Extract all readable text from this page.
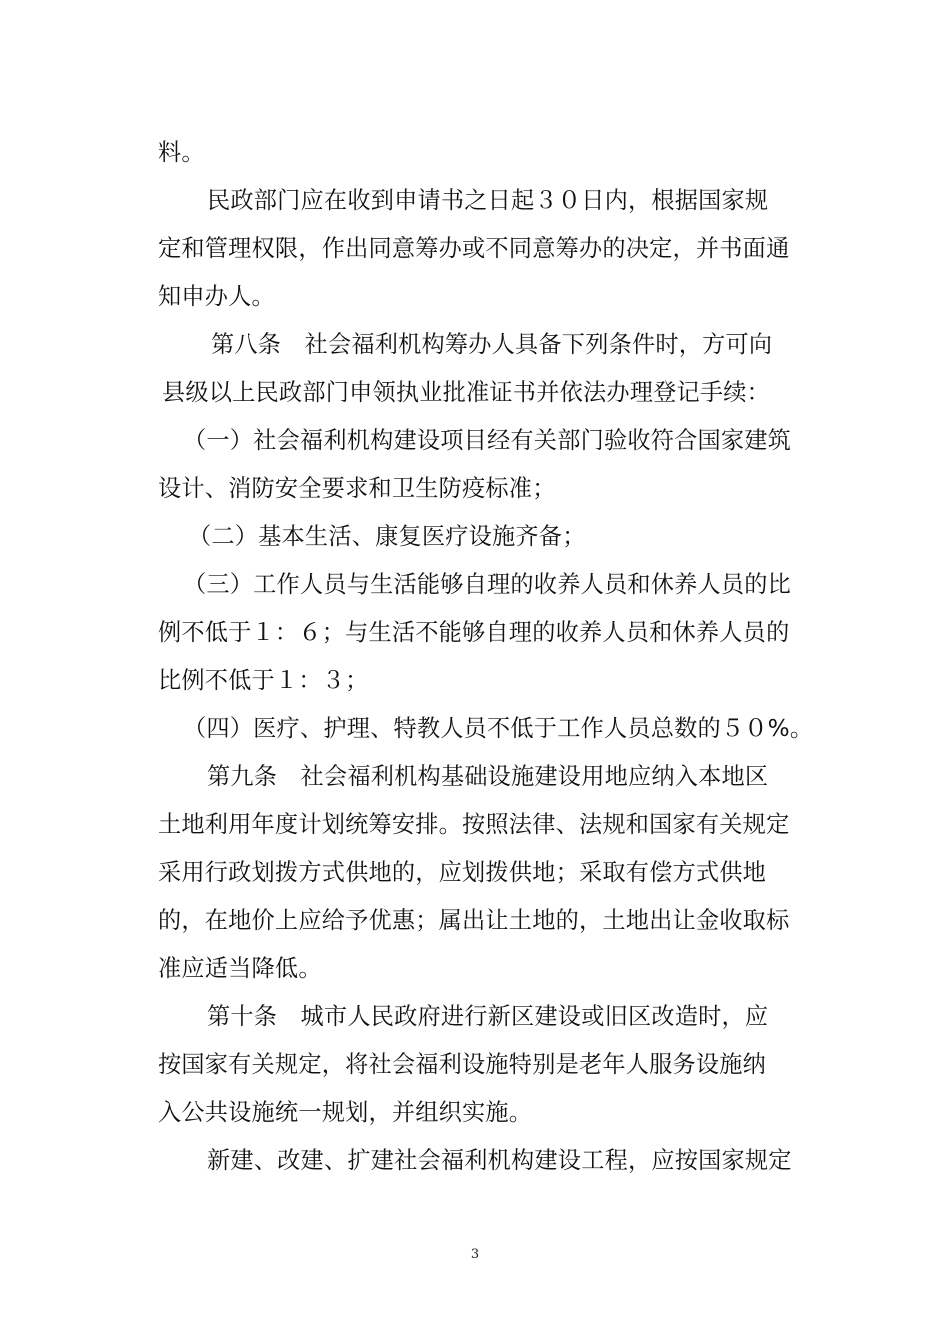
料。
民政部门应在收到申请书之日起３０日内，根据国家规
定和管理权限，作出同意筹办或不同意筹办的决定，并书面通
知申办人。
第八条　社会福利机构筹办人具备下列条件时，方可向
县级以上民政部门申领执业批准证书并依法办理登记手续：
（一）社会福利机构建设项目经有关部门验收符合国家建筑
设计、消防安全要求和卫生防疫标准；
（二）基本生活、康复医疗设施齐备；
（三）工作人员与生活能够自理的收养人员和休养人员的比
例不低于１：６；与生活不能够自理的收养人员和休养人员的
比例不低于１：３；
（四）医疗、护理、特教人员不低于工作人员总数的５０%。
第九条　社会福利机构基础设施建设用地应纳入本地区
土地利用年度计划统筹安排。按照法律、法规和国家有关规定
采用行政划拨方式供地的，应划拨供地；采取有偿方式供地
的，在地价上应给予优惠；属出让土地的，土地出让金收取标
准应适当降低。
第十条　城市人民政府进行新区建设或旧区改造时，应
按国家有关规定，将社会福利设施特别是老年人服务设施纳
入公共设施统一规划，并组织实施。
新建、改建、扩建社会福利机构建设工程，应按国家规定
3
